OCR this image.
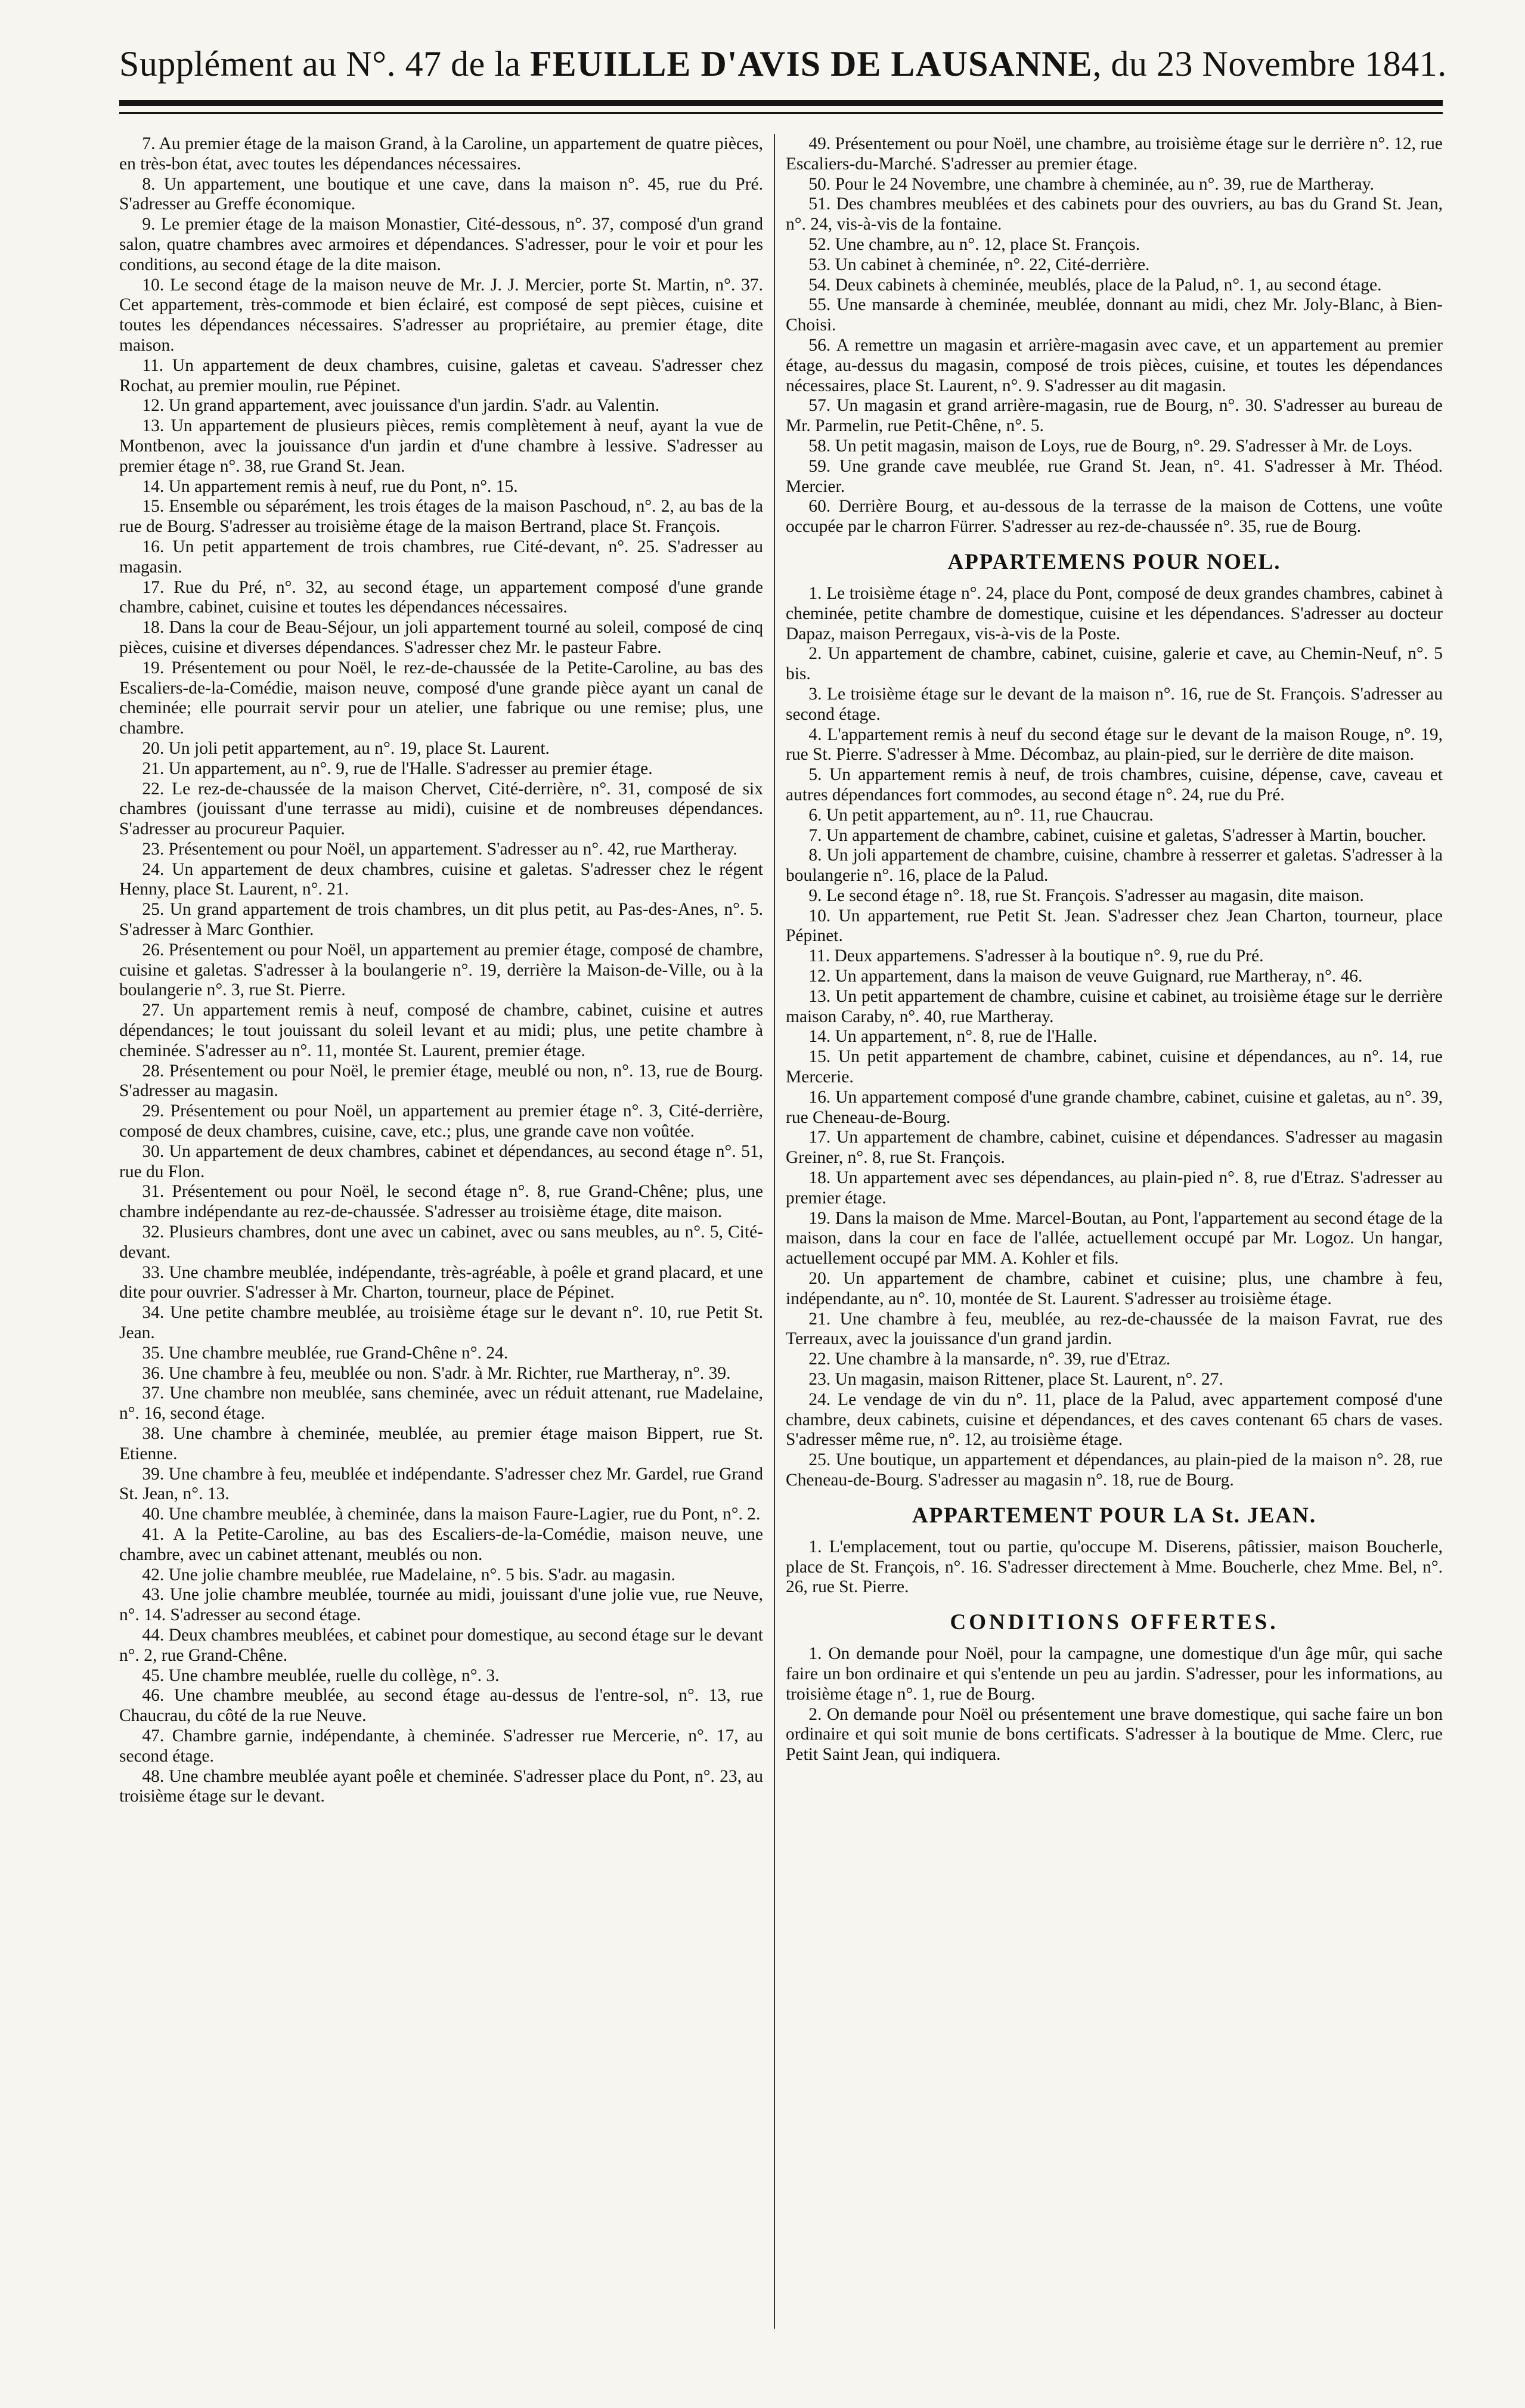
Supplément au N°. 47 de la FEUILLE D'AVIS DE LAUSANNE, du 23 Novembre 1841.

7. Au premier étage de la maison Grand, à la Caroline, un appartement de quatre pièces, en très-bon état, avec toutes les dépendances nécessaires.

8. Un appartement, une boutique et une cave, dans la maison n°. 45, rue du Pré. S'adresser au Greffe économique.

9. Le premier étage de la maison Monastier, Cité-dessous, n°. 37, composé d'un grand salon, quatre chambres avec armoires et dépendances. S'adresser, pour le voir et pour les conditions, au second étage de la dite maison.

10. Le second étage de la maison neuve de Mr. J. J. Mercier, porte St. Martin, n°. 37. Cet appartement, très-commode et bien éclairé, est composé de sept pièces, cuisine et toutes les dépendances nécessaires. S'adresser au propriétaire, au premier étage, dite maison.

11. Un appartement de deux chambres, cuisine, galetas et caveau. S'adresser chez Rochat, au premier moulin, rue Pépinet.

12. Un grand appartement, avec jouissance d'un jardin. S'adr. au Valentin.

13. Un appartement de plusieurs pièces, remis complètement à neuf, ayant la vue de Montbenon, avec la jouissance d'un jardin et d'une chambre à lessive. S'adresser au premier étage n°. 38, rue Grand St. Jean.

14. Un appartement remis à neuf, rue du Pont, n°. 15.

15. Ensemble ou séparément, les trois étages de la maison Paschoud, n°. 2, au bas de la rue de Bourg. S'adresser au troisième étage de la maison Bertrand, place St. François.

16. Un petit appartement de trois chambres, rue Cité-devant, n°. 25. S'adresser au magasin.

17. Rue du Pré, n°. 32, au second étage, un appartement composé d'une grande chambre, cabinet, cuisine et toutes les dépendances nécessaires.

18. Dans la cour de Beau-Séjour, un joli appartement tourné au soleil, composé de cinq pièces, cuisine et diverses dépendances. S'adresser chez Mr. le pasteur Fabre.

19. Présentement ou pour Noël, le rez-de-chaussée de la Petite-Caroline, au bas des Escaliers-de-la-Comédie, maison neuve, composé d'une grande pièce ayant un canal de cheminée; elle pourrait servir pour un atelier, une fabrique ou une remise; plus, une chambre.

20. Un joli petit appartement, au n°. 19, place St. Laurent.

21. Un appartement, au n°. 9, rue de l'Halle. S'adresser au premier étage.

22. Le rez-de-chaussée de la maison Chervet, Cité-derrière, n°. 31, composé de six chambres (jouissant d'une terrasse au midi), cuisine et de nombreuses dépendances. S'adresser au procureur Paquier.

23. Présentement ou pour Noël, un appartement. S'adresser au n°. 42, rue Martheray.

24. Un appartement de deux chambres, cuisine et galetas. S'adresser chez le régent Henny, place St. Laurent, n°. 21.

25. Un grand appartement de trois chambres, un dit plus petit, au Pas-des-Anes, n°. 5. S'adresser à Marc Gonthier.

26. Présentement ou pour Noël, un appartement au premier étage, composé de chambre, cuisine et galetas. S'adresser à la boulangerie n°. 19, derrière la Maison-de-Ville, ou à la boulangerie n°. 3, rue St. Pierre.

27. Un appartement remis à neuf, composé de chambre, cabinet, cuisine et autres dépendances; le tout jouissant du soleil levant et au midi; plus, une petite chambre à cheminée. S'adresser au n°. 11, montée St. Laurent, premier étage.

28. Présentement ou pour Noël, le premier étage, meublé ou non, n°. 13, rue de Bourg. S'adresser au magasin.

29. Présentement ou pour Noël, un appartement au premier étage n°. 3, Cité-derrière, composé de deux chambres, cuisine, cave, etc.; plus, une grande cave non voûtée.

30. Un appartement de deux chambres, cabinet et dépendances, au second étage n°. 51, rue du Flon.

31. Présentement ou pour Noël, le second étage n°. 8, rue Grand-Chêne; plus, une chambre indépendante au rez-de-chaussée. S'adresser au troisième étage, dite maison.

32. Plusieurs chambres, dont une avec un cabinet, avec ou sans meubles, au n°. 5, Cité-devant.

33. Une chambre meublée, indépendante, très-agréable, à poêle et grand placard, et une dite pour ouvrier. S'adresser à Mr. Charton, tourneur, place de Pépinet.

34. Une petite chambre meublée, au troisième étage sur le devant n°. 10, rue Petit St. Jean.

35. Une chambre meublée, rue Grand-Chêne n°. 24.

36. Une chambre à feu, meublée ou non. S'adr. à Mr. Richter, rue Martheray, n°. 39.

37. Une chambre non meublée, sans cheminée, avec un réduit attenant, rue Madelaine, n°. 16, second étage.

38. Une chambre à cheminée, meublée, au premier étage maison Bippert, rue St. Etienne.

39. Une chambre à feu, meublée et indépendante. S'adresser chez Mr. Gardel, rue Grand St. Jean, n°. 13.

40. Une chambre meublée, à cheminée, dans la maison Faure-Lagier, rue du Pont, n°. 2.

41. A la Petite-Caroline, au bas des Escaliers-de-la-Comédie, maison neuve, une chambre, avec un cabinet attenant, meublés ou non.

42. Une jolie chambre meublée, rue Madelaine, n°. 5 bis. S'adr. au magasin.

43. Une jolie chambre meublée, tournée au midi, jouissant d'une jolie vue, rue Neuve, n°. 14. S'adresser au second étage.

44. Deux chambres meublées, et cabinet pour domestique, au second étage sur le devant n°. 2, rue Grand-Chêne.

45. Une chambre meublée, ruelle du collège, n°. 3.

46. Une chambre meublée, au second étage au-dessus de l'entre-sol, n°. 13, rue Chaucrau, du côté de la rue Neuve.

47. Chambre garnie, indépendante, à cheminée. S'adresser rue Mercerie, n°. 17, au second étage.

48. Une chambre meublée ayant poêle et cheminée. S'adresser place du Pont, n°. 23, au troisième étage sur le devant.

49. Présentement ou pour Noël, une chambre, au troisième étage sur le derrière n°. 12, rue Escaliers-du-Marché. S'adresser au premier étage.

50. Pour le 24 Novembre, une chambre à cheminée, au n°. 39, rue de Martheray.

51. Des chambres meublées et des cabinets pour des ouvriers, au bas du Grand St. Jean, n°. 24, vis-à-vis de la fontaine.

52. Une chambre, au n°. 12, place St. François.

53. Un cabinet à cheminée, n°. 22, Cité-derrière.

54. Deux cabinets à cheminée, meublés, place de la Palud, n°. 1, au second étage.

55. Une mansarde à cheminée, meublée, donnant au midi, chez Mr. Joly-Blanc, à Bien-Choisi.

56. A remettre un magasin et arrière-magasin avec cave, et un appartement au premier étage, au-dessus du magasin, composé de trois pièces, cuisine, et toutes les dépendances nécessaires, place St. Laurent, n°. 9. S'adresser au dit magasin.

57. Un magasin et grand arrière-magasin, rue de Bourg, n°. 30. S'adresser au bureau de Mr. Parmelin, rue Petit-Chêne, n°. 5.

58. Un petit magasin, maison de Loys, rue de Bourg, n°. 29. S'adresser à Mr. de Loys.

59. Une grande cave meublée, rue Grand St. Jean, n°. 41. S'adresser à Mr. Théod. Mercier.

60. Derrière Bourg, et au-dessous de la terrasse de la maison de Cottens, une voûte occupée par le charron Fürrer. S'adresser au rez-de-chaussée n°. 35, rue de Bourg.

APPARTEMENS POUR NOEL.

1. Le troisième étage n°. 24, place du Pont, composé de deux grandes chambres, cabinet à cheminée, petite chambre de domestique, cuisine et les dépendances. S'adresser au docteur Dapaz, maison Perregaux, vis-à-vis de la Poste.

2. Un appartement de chambre, cabinet, cuisine, galerie et cave, au Chemin-Neuf, n°. 5 bis.

3. Le troisième étage sur le devant de la maison n°. 16, rue de St. François. S'adresser au second étage.

4. L'appartement remis à neuf du second étage sur le devant de la maison Rouge, n°. 19, rue St. Pierre. S'adresser à Mme. Décombaz, au plain-pied, sur le derrière de dite maison.

5. Un appartement remis à neuf, de trois chambres, cuisine, dépense, cave, caveau et autres dépendances fort commodes, au second étage n°. 24, rue du Pré.

6. Un petit appartement, au n°. 11, rue Chaucrau.

7. Un appartement de chambre, cabinet, cuisine et galetas, S'adresser à Martin, boucher.

8. Un joli appartement de chambre, cuisine, chambre à resserrer et galetas. S'adresser à la boulangerie n°. 16, place de la Palud.

9. Le second étage n°. 18, rue St. François. S'adresser au magasin, dite maison.

10. Un appartement, rue Petit St. Jean. S'adresser chez Jean Charton, tourneur, place Pépinet.

11. Deux appartemens. S'adresser à la boutique n°. 9, rue du Pré.

12. Un appartement, dans la maison de veuve Guignard, rue Martheray, n°. 46.

13. Un petit appartement de chambre, cuisine et cabinet, au troisième étage sur le derrière maison Caraby, n°. 40, rue Martheray.

14. Un appartement, n°. 8, rue de l'Halle.

15. Un petit appartement de chambre, cabinet, cuisine et dépendances, au n°. 14, rue Mercerie.

16. Un appartement composé d'une grande chambre, cabinet, cuisine et galetas, au n°. 39, rue Cheneau-de-Bourg.

17. Un appartement de chambre, cabinet, cuisine et dépendances. S'adresser au magasin Greiner, n°. 8, rue St. François.

18. Un appartement avec ses dépendances, au plain-pied n°. 8, rue d'Etraz. S'adresser au premier étage.

19. Dans la maison de Mme. Marcel-Boutan, au Pont, l'appartement au second étage de la maison, dans la cour en face de l'allée, actuellement occupé par Mr. Logoz. Un hangar, actuellement occupé par MM. A. Kohler et fils.

20. Un appartement de chambre, cabinet et cuisine; plus, une chambre à feu, indépendante, au n°. 10, montée de St. Laurent. S'adresser au troisième étage.

21. Une chambre à feu, meublée, au rez-de-chaussée de la maison Favrat, rue des Terreaux, avec la jouissance d'un grand jardin.

22. Une chambre à la mansarde, n°. 39, rue d'Etraz.

23. Un magasin, maison Rittener, place St. Laurent, n°. 27.

24. Le vendage de vin du n°. 11, place de la Palud, avec appartement composé d'une chambre, deux cabinets, cuisine et dépendances, et des caves contenant 65 chars de vases. S'adresser même rue, n°. 12, au troisième étage.

25. Une boutique, un appartement et dépendances, au plain-pied de la maison n°. 28, rue Cheneau-de-Bourg. S'adresser au magasin n°. 18, rue de Bourg.

APPARTEMENT POUR LA St. JEAN.

1. L'emplacement, tout ou partie, qu'occupe M. Diserens, pâtissier, maison Boucherle, place de St. François, n°. 16. S'adresser directement à Mme. Boucherle, chez Mme. Bel, n°. 26, rue St. Pierre.

CONDITIONS OFFERTES.

1. On demande pour Noël, pour la campagne, une domestique d'un âge mûr, qui sache faire un bon ordinaire et qui s'entende un peu au jardin. S'adresser, pour les informations, au troisième étage n°. 1, rue de Bourg.

2. On demande pour Noël ou présentement une brave domestique, qui sache faire un bon ordinaire et qui soit munie de bons certificats. S'adresser à la boutique de Mme. Clerc, rue Petit Saint Jean, qui indiquera.
